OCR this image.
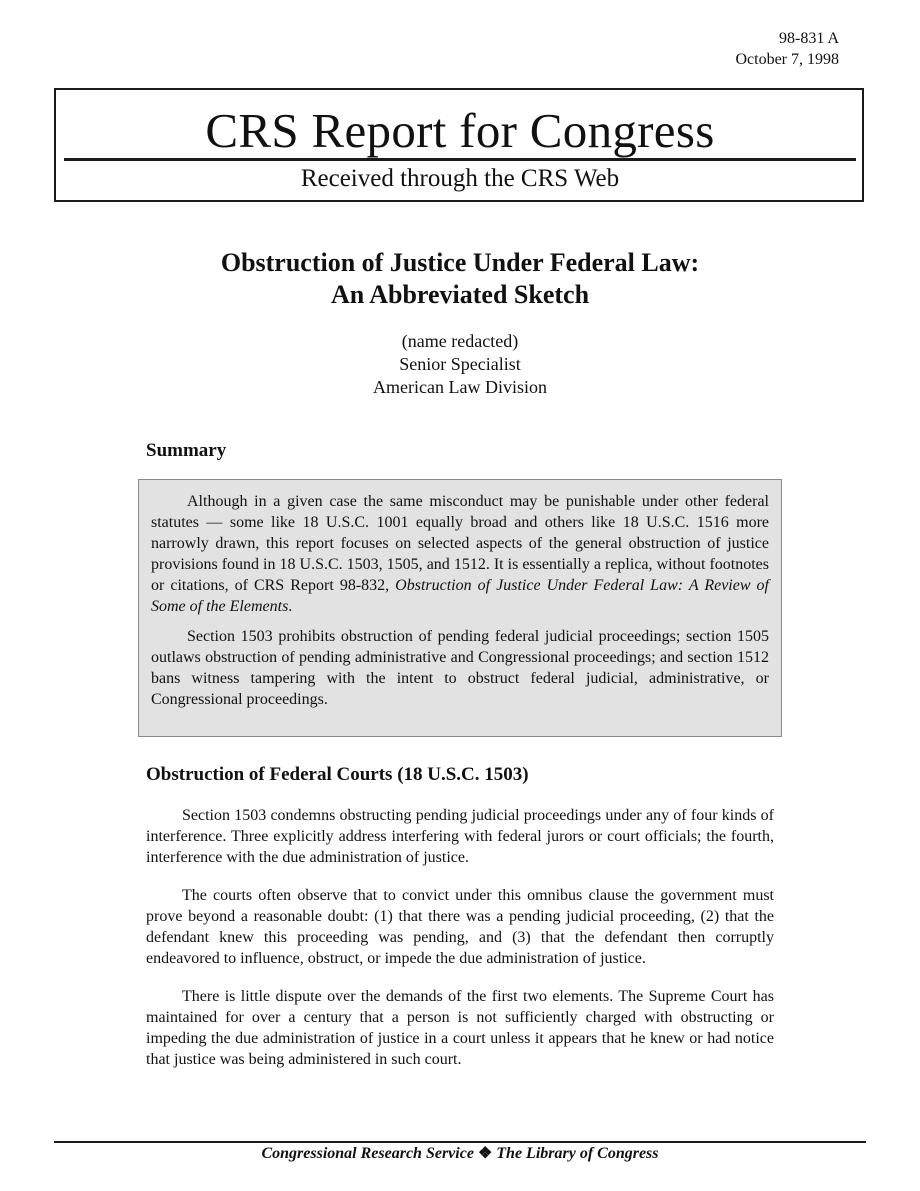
98-831 A
October 7, 1998
CRS Report for Congress
Received through the CRS Web
Obstruction of Justice Under Federal Law:
An Abbreviated Sketch
(name redacted)
Senior Specialist
American Law Division
Summary

Although in a given case the same misconduct may be punishable under other federal statutes — some like 18 U.S.C. 1001 equally broad and others like 18 U.S.C. 1516 more narrowly drawn, this report focuses on selected aspects of the general obstruction of justice provisions found in 18 U.S.C. 1503, 1505, and 1512. It is essentially a replica, without footnotes or citations, of CRS Report 98-832, Obstruction of Justice Under Federal Law: A Review of Some of the Elements.

Section 1503 prohibits obstruction of pending federal judicial proceedings; section 1505 outlaws obstruction of pending administrative and Congressional proceedings; and section 1512 bans witness tampering with the intent to obstruct federal judicial, administrative, or Congressional proceedings.

Obstruction of Federal Courts (18 U.S.C. 1503)

Section 1503 condemns obstructing pending judicial proceedings under any of four kinds of interference. Three explicitly address interfering with federal jurors or court officials; the fourth, interference with the due administration of justice.

The courts often observe that to convict under this omnibus clause the government must prove beyond a reasonable doubt: (1) that there was a pending judicial proceeding, (2) that the defendant knew this proceeding was pending, and (3) that the defendant then corruptly endeavored to influence, obstruct, or impede the due administration of justice.

There is little dispute over the demands of the first two elements. The Supreme Court has maintained for over a century that a person is not sufficiently charged with obstructing or impeding the due administration of justice in a court unless it appears that he knew or had notice that justice was being administered in such court.

Congressional Research Service ❖ The Library of Congress
